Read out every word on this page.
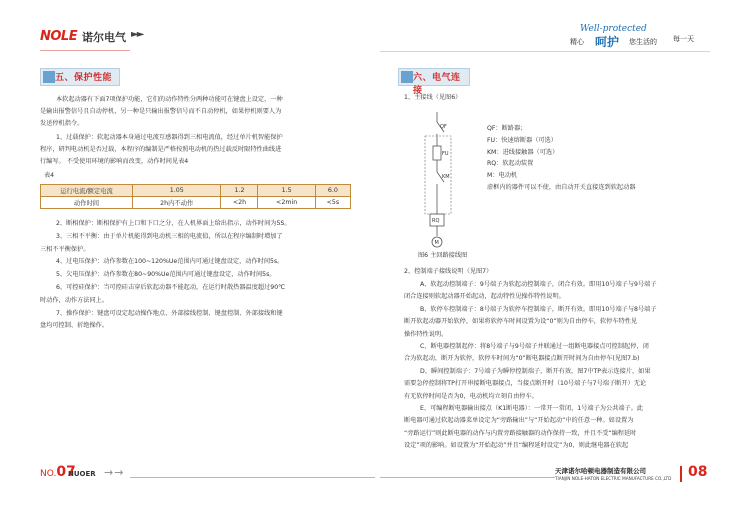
NOLE 诺尔电气 ►►	Well-protected
精心 呵护 您生活的 每一天
五、保护性能
本软起动器有下面7项保护功能，它们的动作特性分两种功能可在键盘上设定，一种
是输出报警信号且自动停机，另一种是只输出报警信号而不自动停机，如果停机则要人为
发送停机指令。
1、过载保护：软起动器本身通过电流互感器得到三相电流值，经过单片机智能保护
程序，研判电动机是否过载，本程序的编制是严格按照电动机的热过载反时限特性曲线进
行编写。 不受使用环境的影响而改变，动作时间见表4
表4
运行电流/额定电流	1.05	1.2	1.5	6.0
动作时间	2h内不动作	<2h	<2min	<5s
2、断相保护：断相保护有上口和下口之分，在人机界面上给出指示，动作时间为5S。
3、三相不平衡：由于单片机能得到电动机三相的电流值，所以在程序编制时增加了
三相不平衡保护。
4、过电压保护：动作参数在100~120%Ue范围内可通过键盘设定，动作时间5s。
5、欠电压保护：动作参数在80~90%Ue范围内可通过键盘设定，动作时间5s。
6、可控硅保护：当可控硅击穿后软起动器不能起动，在运行时散热器温度超过90℃
时动作，动作方法同上。
7、操作保护：键盘可设定起动操作地点、外部接线控制、键盘控制、外部接线和键
盘均可控制、折绝操作。
六、电气连接
1、主接线（见图6）
QF
FU
KM
RQ
M
QF：断路器；
FU：快速熔断器（可选）
KM：进线接触器（可选）
RQ：软起动装置
M：电动机
虚框内的器件可以不使，由自动开关直接连到软起动器
图6 主回路接线图
2、控制端子接线说明（见图7）
A、软起动控制端子：9号端子为软起动控制端子，闭合有效。即用10号端子与9号端子
闭合连接则软起动器开始起动，起动特性见操作特性说明。
B、软停车控制端子：8号端子为软停车控制端子，断开有效。即用10号端子与8号端子
断开软起动器开始软停，如果将软停车时间设置为设“0”则为自由停车，软停车特性见
操作特性说明。
C、断电器控制起停：将8号端子与9号端子并联通过一组断电器接点可控制起停，闭
合为软起动，断开为软停，软停车时间为“0”断电器接点断开时间为自由停车(见图7.b)
D、瞬间控制端子：7号端子为瞬停控制端子，断开有效，图7中TP表示连接片，如果
需要急停控制将TP打开串接断电器接点，当接点断开时（10号端子与7号端子断开）无论
有无软停时间是否为0，电动机均立刻自由停车。
E、可编程断电器输出接点（K1断电器）：一常开一常闭，1号端子为公共端子。此
断电器可通过软起动器菜单设定为“旁路输出”与“开始起动”中的任意一种。如设置为
“旁路运行”则此断电器的动作与内置旁路接触器的动作保持一致，并且不受“编程延时
设定”项的影响。如设置为“开始起动”并且“编程延时设定”为0，则此继电器在软起
NO.07
NUOER →→	天津诺尔哈顿电器制造有限公司
TIANJIN NOLE-HATON ELECTRIC MANUFACTURE CO.,LTD 08
